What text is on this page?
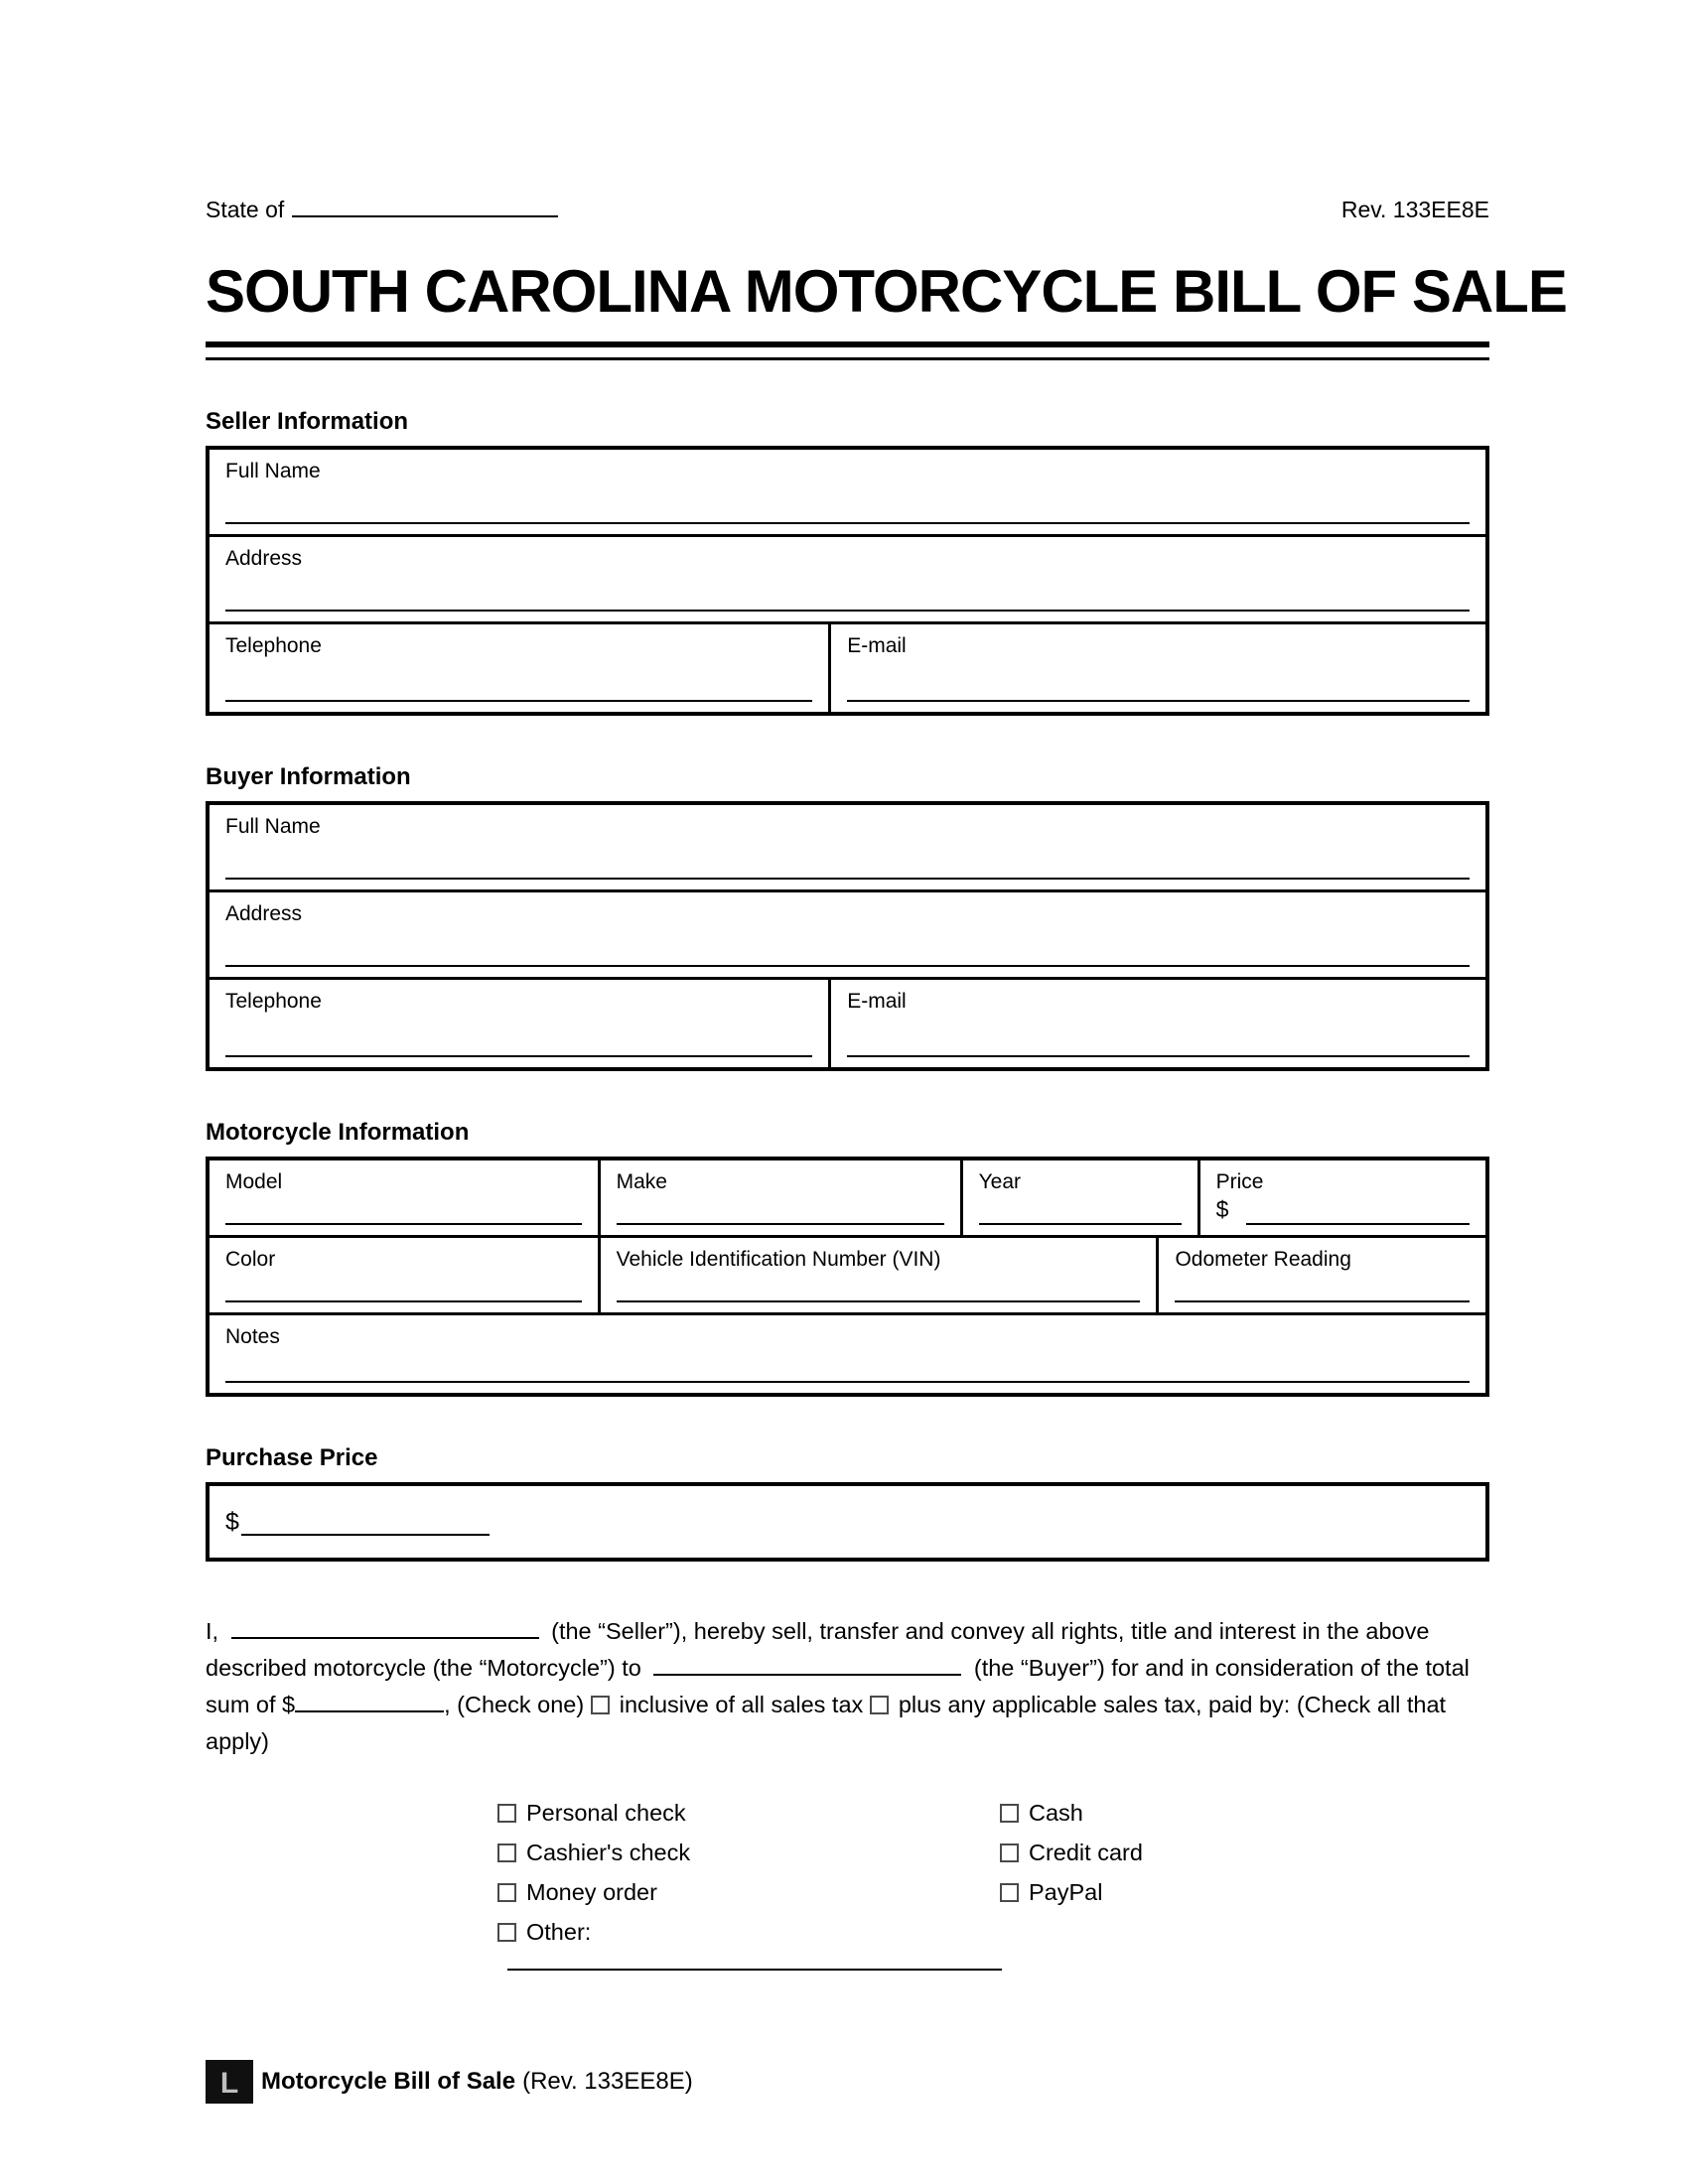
State of	Rev. 133EE8E
SOUTH CAROLINA MOTORCYCLE BILL OF SALE
Seller Information
Full Name
Address
Telephone	E-mail
Buyer Information
Full Name
Address
Telephone	E-mail
Motorcycle Information
Model	Make	Year	Price
$
Color	Vehicle Identification Number (VIN)	Odometer Reading
Notes
Purchase Price
$

I,	(the “Seller”), hereby sell, transfer and convey all rights, title and interest in the above described motorcycle (the “Motorcycle”) to	(the “Buyer”) for and in consideration of the total sum of $	, (Check one) inclusive of all sales tax plus any applicable sales tax, paid by: (Check all that apply)

Personal check	Cash
Cashier's check	Credit card
Money order	PayPal
Other:
L Motorcycle Bill of Sale (Rev. 133EE8E)
